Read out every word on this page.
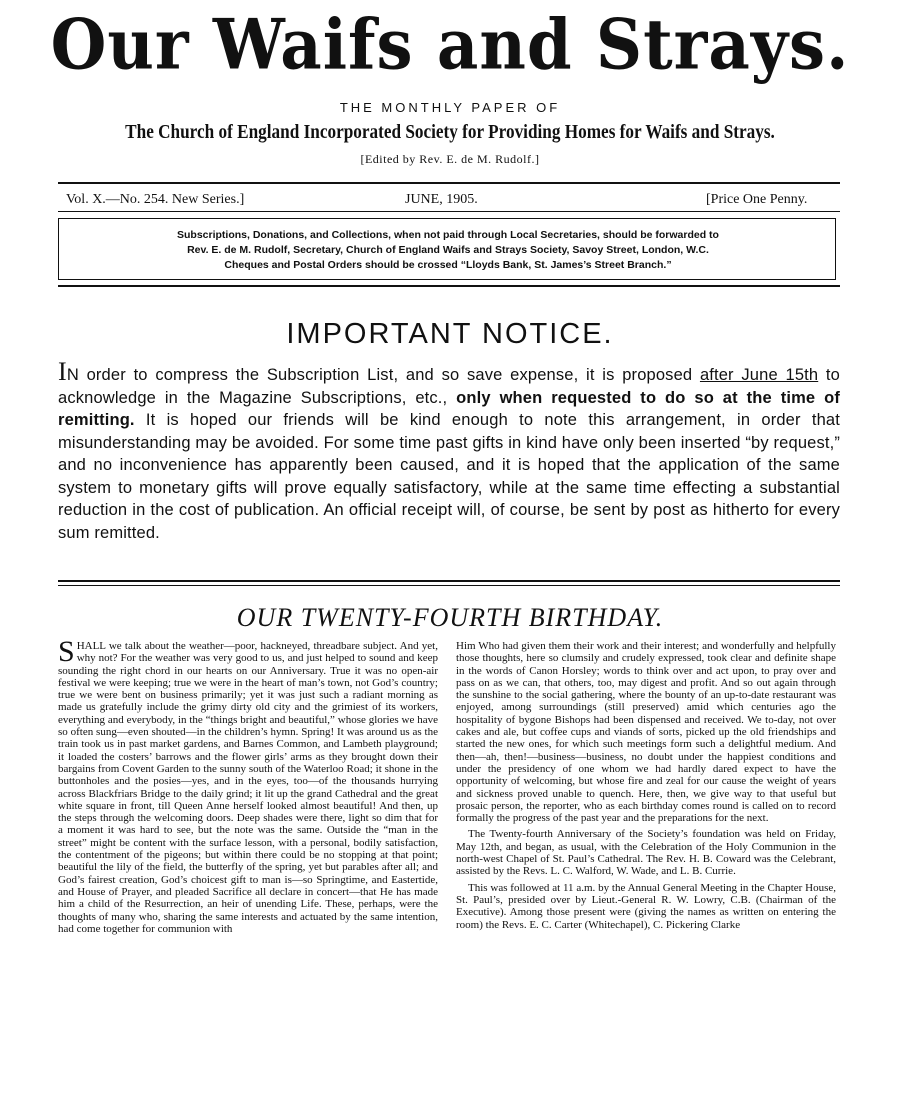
Our Waifs and Strays.
THE MONTHLY PAPER OF
The Church of England Incorporated Society for Providing Homes for Waifs and Strays.
[Edited by Rev. E. de M. Rudolf.]
Vol. X.—No. 254. New Series.]	JUNE, 1905.	[Price One Penny.
Subscriptions, Donations, and Collections, when not paid through Local Secretaries, should be forwarded to
Rev. E. de M. Rudolf, Secretary, Church of England Waifs and Strays Society, Savoy Street, London, W.C.
Cheques and Postal Orders should be crossed “Lloyds Bank, St. James’s Street Branch.”
IMPORTANT NOTICE.
IN order to compress the Subscription List, and so save expense, it is proposed after June 15th to acknowledge in the Magazine Subscriptions, etc., only when requested to do so at the time of remitting. It is hoped our friends will be kind enough to note this arrangement, in order that misunderstanding may be avoided. For some time past gifts in kind have only been inserted “by request,” and no inconvenience has apparently been caused, and it is hoped that the application of the same system to monetary gifts will prove equally satisfactory, while at the same time effecting a substantial reduction in the cost of publication. An official receipt will, of course, be sent by post as hitherto for every sum remitted.
OUR TWENTY-FOURTH BIRTHDAY.

SHALL we talk about the weather—poor, hackneyed, threadbare subject. And yet, why not? For the weather was very good to us, and just helped to sound and keep sounding the right chord in our hearts on our Anniversary. True it was no open-air festival we were keeping; true we were in the heart of man’s town, not God’s country; true we were bent on business primarily; yet it was just such a radiant morning as made us gratefully include the grimy dirty old city and the grimiest of its workers, everything and everybody, in the “things bright and beautiful,” whose glories we have so often sung—even shouted—in the children’s hymn. Spring! It was around us as the train took us in past market gardens, and Barnes Common, and Lambeth playground; it loaded the costers’ barrows and the flower girls’ arms as they brought down their bargains from Covent Garden to the sunny south of the Waterloo Road; it shone in the buttonholes and the posies—yes, and in the eyes, too—of the thousands hurrying across Blackfriars Bridge to the daily grind; it lit up the grand Cathedral and the great white square in front, till Queen Anne herself looked almost beautiful! And then, up the steps through the welcoming doors. Deep shades were there, light so dim that for a moment it was hard to see, but the note was the same. Outside the “man in the street” might be content with the surface lesson, with a personal, bodily satisfaction, the contentment of the pigeons; but within there could be no stopping at that point; beautiful the lily of the field, the butterfly of the spring, yet but parables after all; and God’s fairest creation, God’s choicest gift to man is—so Springtime, and Eastertide, and House of Prayer, and pleaded Sacrifice all declare in concert—that He has made him a child of the Resurrection, an heir of unending Life. These, perhaps, were the thoughts of many who, sharing the same interests and actuated by the same intention, had come together for communion with

Him Who had given them their work and their interest; and wonderfully and helpfully those thoughts, here so clumsily and crudely expressed, took clear and definite shape in the words of Canon Horsley; words to think over and act upon, to pray over and pass on as we can, that others, too, may digest and profit. And so out again through the sunshine to the social gathering, where the bounty of an up-to-date restaurant was enjoyed, among surroundings (still preserved) amid which centuries ago the hospitality of bygone Bishops had been dispensed and received. We to-day, not over cakes and ale, but coffee cups and viands of sorts, picked up the old friendships and started the new ones, for which such meetings form such a delightful medium. And then—ah, then!—business—business, no doubt under the happiest conditions and under the presidency of one whom we had hardly dared expect to have the opportunity of welcoming, but whose fire and zeal for our cause the weight of years and sickness proved unable to quench. Here, then, we give way to that useful but prosaic person, the reporter, who as each birthday comes round is called on to record formally the progress of the past year and the preparations for the next.

The Twenty-fourth Anniversary of the Society’s foundation was held on Friday, May 12th, and began, as usual, with the Celebration of the Holy Communion in the north-west Chapel of St. Paul’s Cathedral. The Rev. H. B. Coward was the Celebrant, assisted by the Revs. L. C. Walford, W. Wade, and L. B. Currie.

This was followed at 11 a.m. by the Annual General Meeting in the Chapter House, St. Paul’s, presided over by Lieut.-General R. W. Lowry, C.B. (Chairman of the Executive). Among those present were (giving the names as written on entering the room) the Revs. E. C. Carter (Whitechapel), C. Pickering Clarke
